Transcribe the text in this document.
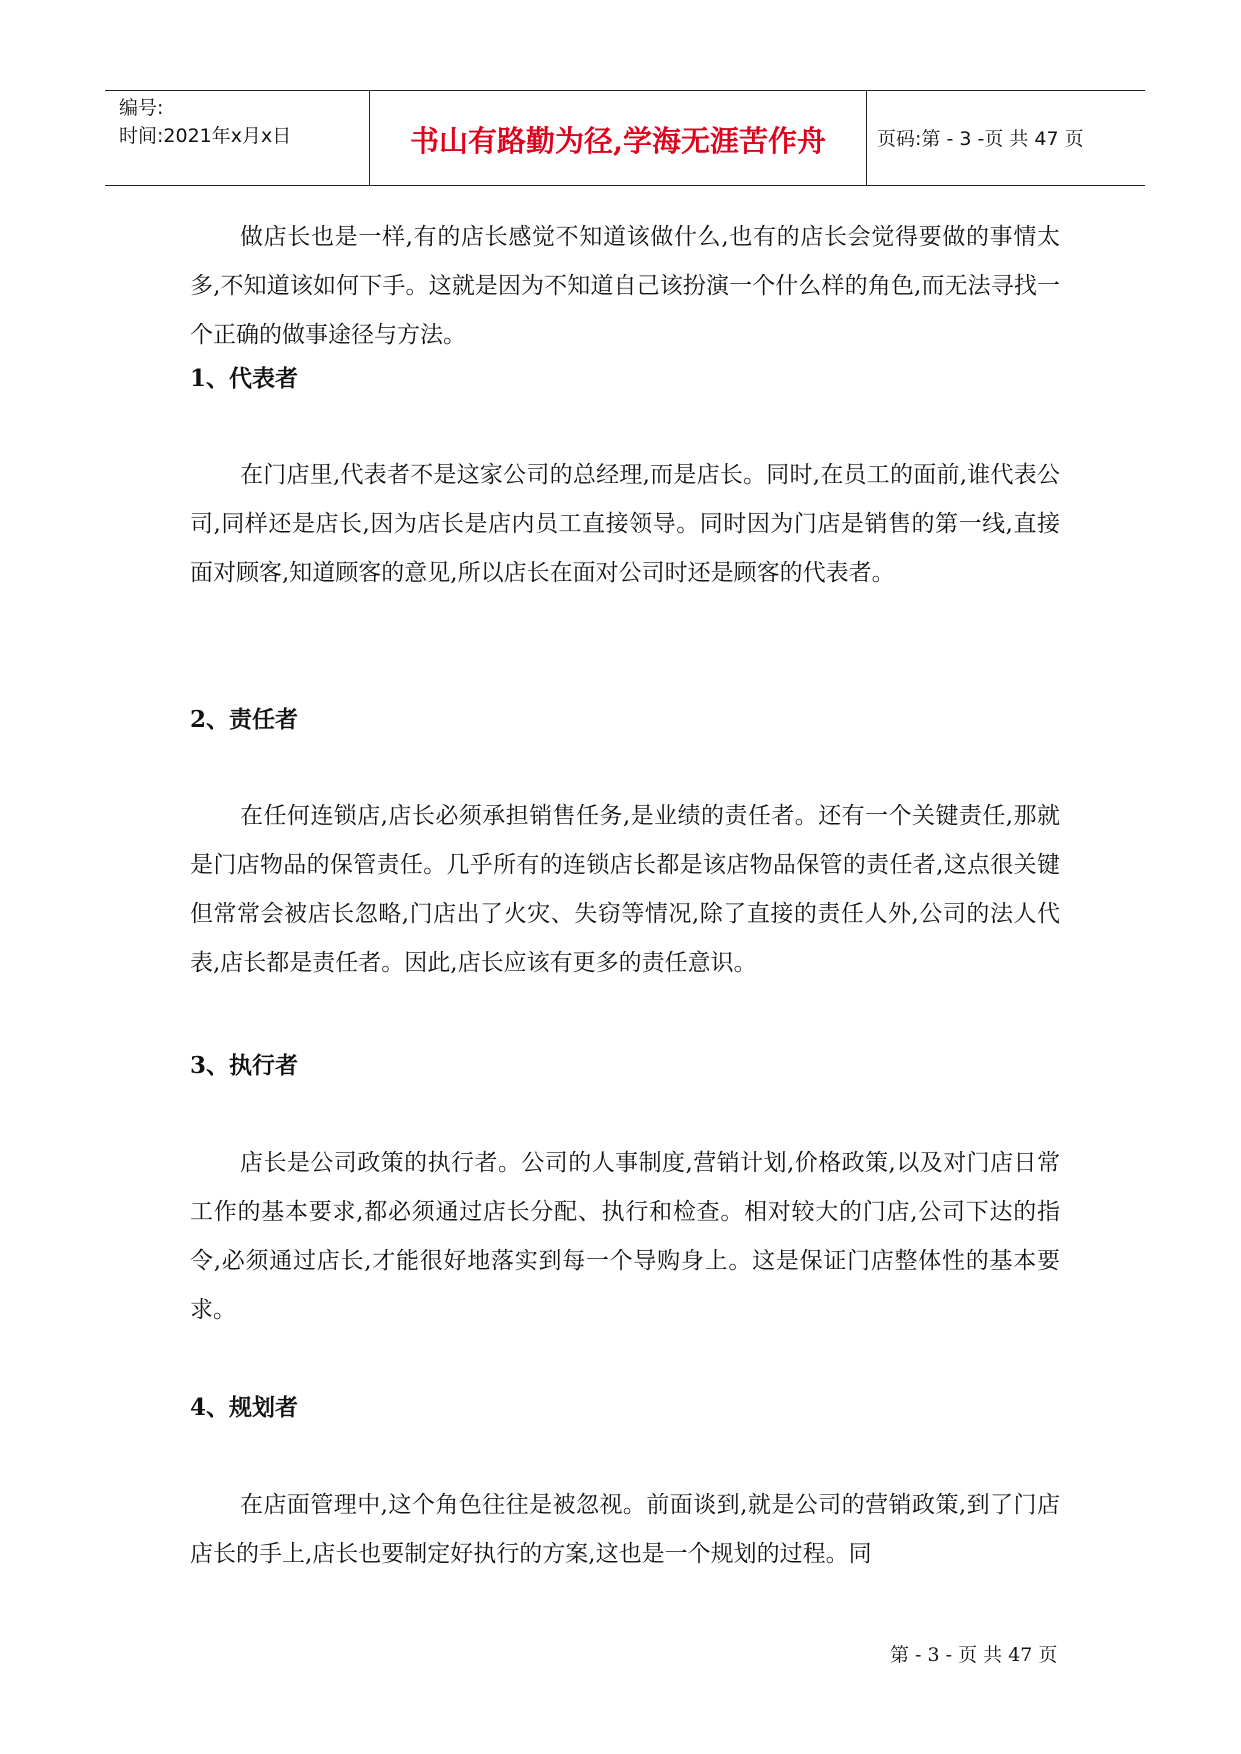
编号:
时间:2021年x月x日	书山有路勤为径,学海无涯苦作舟	页码:第 - 3 -页 共 47 页

做店长也是一样,有的店长感觉不知道该做什么,也有的店长会觉得要做的事情太多,不知道该如何下手。这就是因为不知道自己该扮演一个什么样的角色,而无法寻找一个正确的做事途径与方法。

1、代表者

在门店里,代表者不是这家公司的总经理,而是店长。同时,在员工的面前,谁代表公司,同样还是店长,因为店长是店内员工直接领导。同时因为门店是销售的第一线,直接面对顾客,知道顾客的意见,所以店长在面对公司时还是顾客的代表者。

2、责任者

在任何连锁店,店长必须承担销售任务,是业绩的责任者。还有一个关键责任,那就是门店物品的保管责任。几乎所有的连锁店长都是该店物品保管的责任者,这点很关键但常常会被店长忽略,门店出了火灾、失窃等情况,除了直接的责任人外,公司的法人代表,店长都是责任者。因此,店长应该有更多的责任意识。

3、执行者

店长是公司政策的执行者。公司的人事制度,营销计划,价格政策,以及对门店日常工作的基本要求,都必须通过店长分配、执行和检查。相对较大的门店,公司下达的指令,必须通过店长,才能很好地落实到每一个导购身上。这是保证门店整体性的基本要求。

4、规划者

在店面管理中,这个角色往往是被忽视。前面谈到,就是公司的营销政策,到了门店店长的手上,店长也要制定好执行的方案,这也是一个规划的过程。同

第 - 3 - 页 共 47 页
